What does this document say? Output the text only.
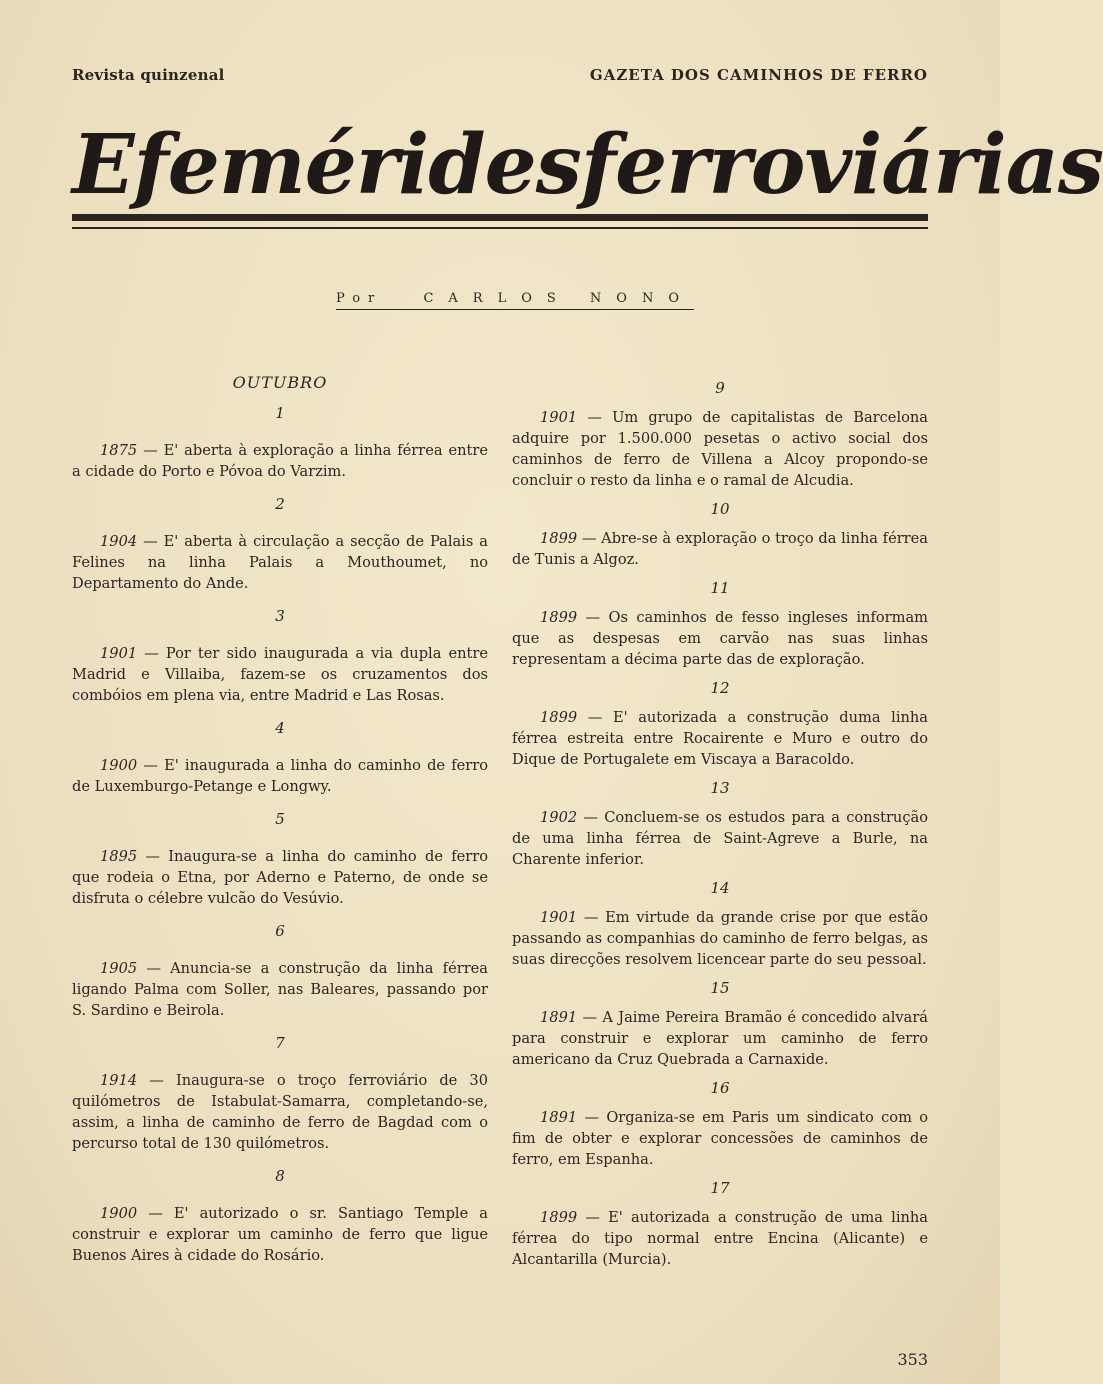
Revista quinzenal	GAZETA DOS CAMINHOS DE FERRO
Efemérides ferroviárias
Por	CARLOS NONO
OUTUBRO
1
1875 — E' aberta à exploração a linha férrea entre a cidade do Porto e Póvoa do Varzim.
2
1904 — E' aberta à circulação a secção de Palais a Felines na linha Palais a Mouthoumet, no Departamento do Ande.
3
1901 — Por ter sido inaugurada a via dupla entre Madrid e Villaiba, fazem-se os cruzamentos dos combóios em plena via, entre Madrid e Las Rosas.
4
1900 — E' inaugurada a linha do caminho de ferro de Luxemburgo-Petange e Longwy.
5
1895 — Inaugura-se a linha do caminho de ferro que rodeia o Etna, por Aderno e Paterno, de onde se disfruta o célebre vulcão do Vesúvio.
6
1905 — Anuncia-se a construção da linha férrea ligando Palma com Soller, nas Baleares, passando por S. Sardino e Beirola.
7
1914 — Inaugura-se o troço ferroviário de 30 quilómetros de Istabulat-Samarra, completando-se, assim, a linha de caminho de ferro de Bagdad com o percurso total de 130 quilómetros.
8
1900 — E' autorizado o sr. Santiago Temple a construir e explorar um caminho de ferro que ligue Buenos Aires à cidade do Rosário.
9
1901 — Um grupo de capitalistas de Barcelona adquire por 1.500.000 pesetas o activo social dos caminhos de ferro de Villena a Alcoy propondo-se concluir o resto da linha e o ramal de Alcudia.
10
1899 — Abre-se à exploração o troço da linha férrea de Tunis a Algoz.
11
1899 — Os caminhos de fesso ingleses informam que as despesas em carvão nas suas linhas representam a décima parte das de exploração.
12
1899 — E' autorizada a construção duma linha férrea estreita entre Rocairente e Muro e outro do Dique de Portugalete em Viscaya a Baracoldo.
13
1902 — Concluem-se os estudos para a construção de uma linha férrea de Saint-Agreve a Burle, na Charente inferior.
14
1901 — Em virtude da grande crise por que estão passando as companhias do caminho de ferro belgas, as suas direcções resolvem licencear parte do seu pessoal.
15
1891 — A Jaime Pereira Bramão é concedido alvará para construir e explorar um caminho de ferro americano da Cruz Quebrada a Carnaxide.
16
1891 — Organiza-se em Paris um sindicato com o fim de obter e explorar concessões de caminhos de ferro, em Espanha.
17
1899 — E' autorizada a construção de uma linha férrea do tipo normal entre Encina (Alicante) e Alcantarilla (Murcia).
353
